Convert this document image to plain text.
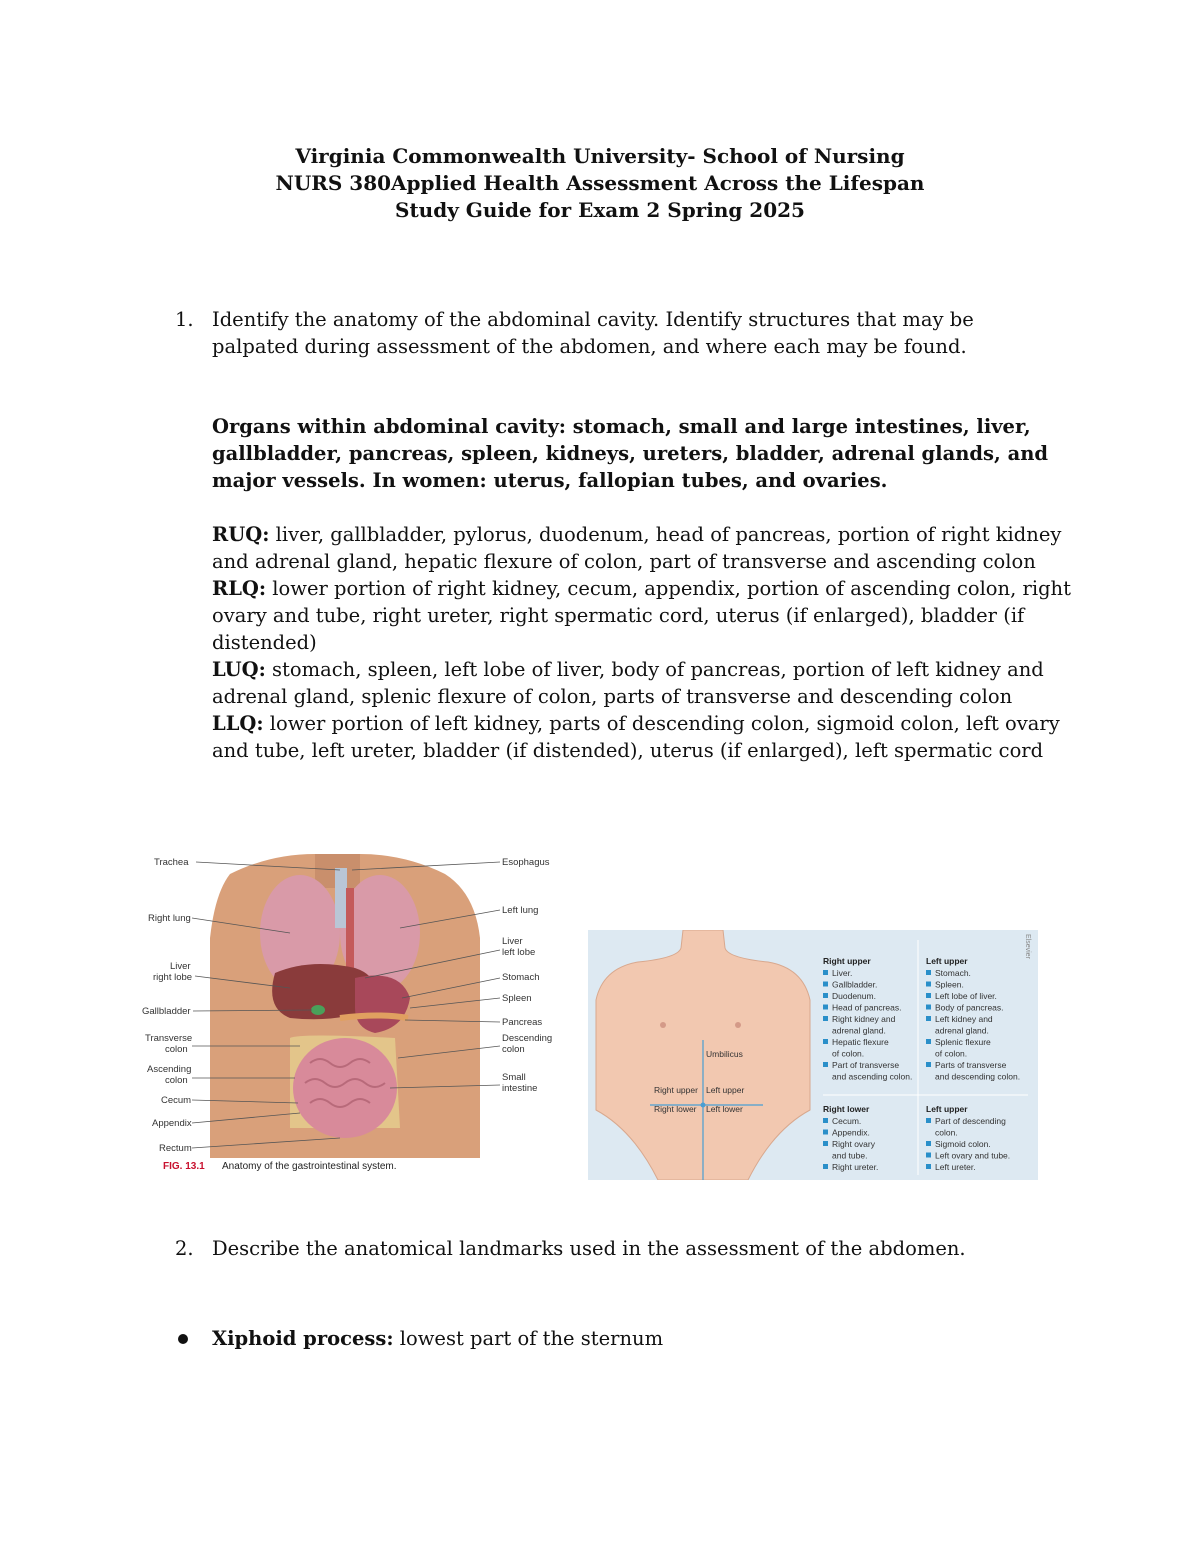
Virginia Commonwealth University- School of Nursing
NURS 380Applied Health Assessment Across the Lifespan
Study Guide for Exam 2 Spring 2025
1. Identify the anatomy of the abdominal cavity. Identify structures that may be palpated during assessment of the abdomen, and where each may be found.
Organs within abdominal cavity: stomach, small and large intestines, liver, gallbladder, pancreas, spleen, kidneys, ureters, bladder, adrenal glands, and major vessels. In women: uterus, fallopian tubes, and ovaries.

RUQ: liver, gallbladder, pylorus, duodenum, head of pancreas, portion of right kidney and adrenal gland, hepatic flexure of colon, part of transverse and ascending colon

RLQ: lower portion of right kidney, cecum, appendix, portion of ascending colon, right ovary and tube, right ureter, right spermatic cord, uterus (if enlarged), bladder (if distended)

LUQ: stomach, spleen, left lobe of liver, body of pancreas, portion of left kidney and adrenal gland, splenic flexure of colon, parts of transverse and descending colon

LLQ: lower portion of left kidney, parts of descending colon, sigmoid colon, left ovary and tube, left ureter, bladder (if distended), uterus (if enlarged), left spermatic cord

Trachea
Right lung
Liver
right lobe
Gallbladder
Transverse
colon
Ascending
colon
Cecum
Appendix
Rectum
Esophagus
Left lung
Liver
left lobe
Stomach
Spleen
Pancreas
Descending
colon
Small
intestine
FIG. 13.1 Anatomy of the gastrointestinal system.
Umbilicus
Right upper Left upper
Right lower Left lower
Elsevier
Right upper
Liver.
Gallbladder.
Duodenum.
Head of pancreas.
Right kidney and
adrenal gland.
Hepatic flexure
of colon.
Part of transverse
and ascending colon.
Left upper
Stomach.
Spleen.
Left lobe of liver.
Body of pancreas.
Left kidney and
adrenal gland.
Splenic flexure
of colon.
Parts of transverse
and descending colon.
Right lower
Cecum.
Appendix.
Right ovary
and tube.
Right ureter.
Left upper
Part of descending
colon.
Sigmoid colon.
Left ovary and tube.
Left ureter.
2. Describe the anatomical landmarks used in the assessment of the abdomen.
Xiphoid process: lowest part of the sternum
